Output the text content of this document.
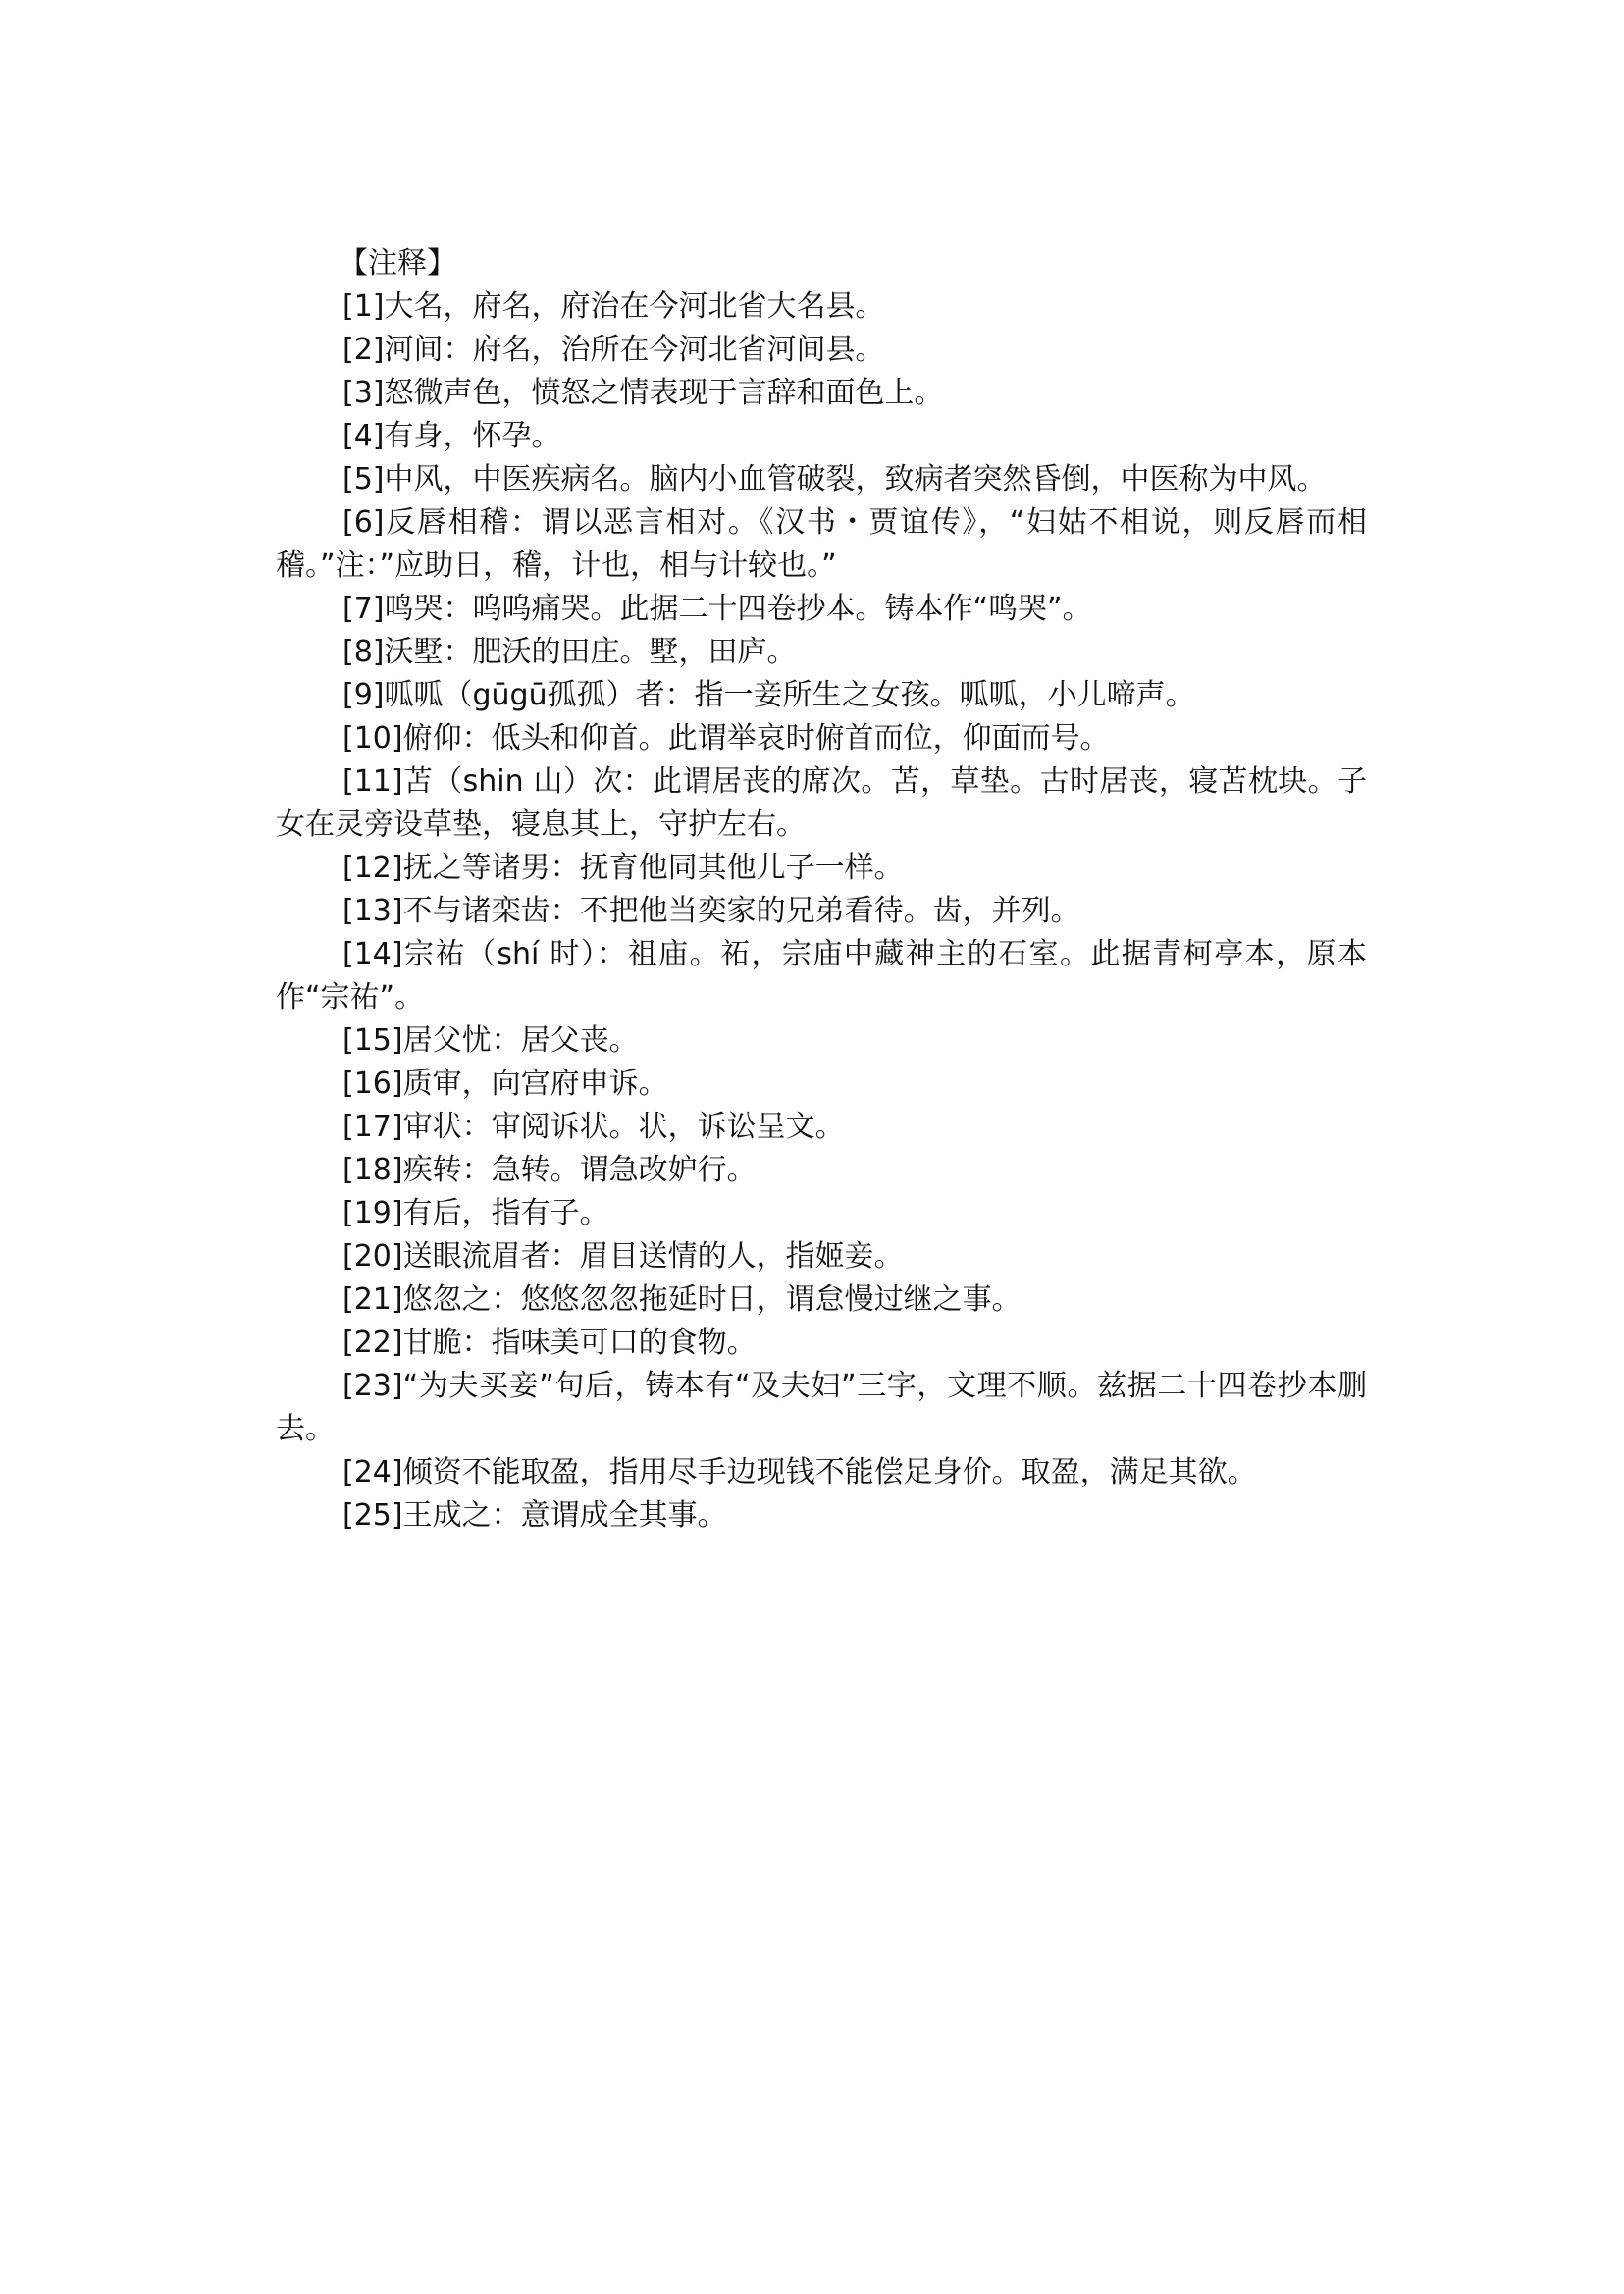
【注释】

[1]大名，府名，府治在今河北省大名县。

[2]河间：府名，治所在今河北省河间县。

[3]怒微声色，愤怒之情表现于言辞和面色上。

[4]有身，怀孕。

[5]中风，中医疾病名。脑内小血管破裂，致病者突然昏倒，中医称为中风。

[6]反唇相稽：谓以恶言相对。《汉书・贾谊传》，“妇姑不相说，则反唇而相稽。”注：”应助日，稽，计也，相与计较也。”

[7]鸣哭：呜呜痛哭。此据二十四卷抄本。铸本作“鸣哭”。

[8]沃墅：肥沃的田庄。墅，田庐。

[9]呱呱（gūgū孤孤）者：指一妾所生之女孩。呱呱，小儿啼声。

[10]俯仰：低头和仰首。此谓举哀时俯首而位，仰面而号。

[11]苫（shin 山）次：此谓居丧的席次。苫，草垫。古时居丧，寝苫枕块。子女在灵旁设草垫，寝息其上，守护左右。

[12]抚之等诸男：抚育他同其他儿子一样。

[13]不与诸栾齿：不把他当奕家的兄弟看待。齿，并列。

[14]宗祐（shí 时）：祖庙。祏，宗庙中藏神主的石室。此据青柯亭本，原本作“宗祐”。

[15]居父忧：居父丧。

[16]质审，向宫府申诉。

[17]审状：审阅诉状。状，诉讼呈文。

[18]疾转：急转。谓急改妒行。

[19]有后，指有子。

[20]送眼流眉者：眉目送情的人，指姬妾。

[21]悠忽之：悠悠忽忽拖延时日，谓怠慢过继之事。

[22]甘脆：指味美可口的食物。

[23]“为夫买妾”句后，铸本有“及夫妇”三字，文理不顺。兹据二十四卷抄本删去。

[24]倾资不能取盈，指用尽手边现钱不能偿足身价。取盈，满足其欲。

[25]王成之：意谓成全其事。
